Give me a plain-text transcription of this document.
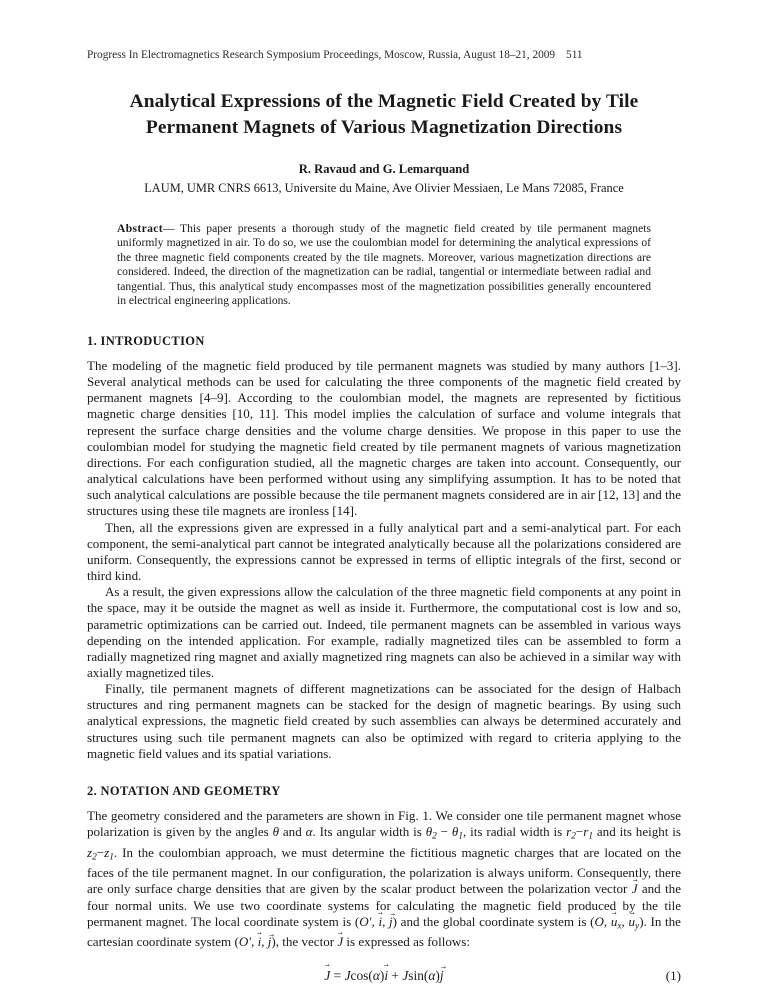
Progress In Electromagnetics Research Symposium Proceedings, Moscow, Russia, August 18–21, 2009 511
Analytical Expressions of the Magnetic Field Created by Tile
Permanent Magnets of Various Magnetization Directions
R. Ravaud and G. Lemarquand
LAUM, UMR CNRS 6613, Universite du Maine, Ave Olivier Messiaen, Le Mans 72085, France
Abstract— This paper presents a thorough study of the magnetic field created by tile permanent magnets uniformly magnetized in air. To do so, we use the coulombian model for determining the analytical expressions of the three magnetic field components created by the tile magnets. Moreover, various magnetization directions are considered. Indeed, the direction of the magnetization can be radial, tangential or intermediate between radial and tangential. Thus, this analytical study encompasses most of the magnetization possibilities generally encountered in electrical engineering applications.
1. INTRODUCTION

The modeling of the magnetic field produced by tile permanent magnets was studied by many authors [1–3]. Several analytical methods can be used for calculating the three components of the magnetic field created by permanent magnets [4–9]. According to the coulombian model, the magnets are represented by fictitious magnetic charge densities [10, 11]. This model implies the calculation of surface and volume integrals that represent the surface charge densities and the volume charge densities. We propose in this paper to use the coulombian model for studying the magnetic field created by tile permanent magnets of various magnetization directions. For each configuration studied, all the magnetic charges are taken into account. Consequently, our analytical calculations have been performed without using any simplifying assumption. It has to be noted that such analytical calculations are possible because the tile permanent magnets considered are in air [12, 13] and the structures using these tile magnets are ironless [14].

Then, all the expressions given are expressed in a fully analytical part and a semi-analytical part. For each component, the semi-analytical part cannot be integrated analytically because all the polarizations considered are uniform. Consequently, the expressions cannot be expressed in terms of elliptic integrals of the first, second or third kind.

As a result, the given expressions allow the calculation of the three magnetic field components at any point in the space, may it be outside the magnet as well as inside it. Furthermore, the computational cost is low and so, parametric optimizations can be carried out. Indeed, tile permanent magnets can be assembled in various ways depending on the intended application. For example, radially magnetized tiles can be assembled to form a radially magnetized ring magnet and axially magnetized ring magnets can also be achieved in a similar way with axially magnetized tiles.

Finally, tile permanent magnets of different magnetizations can be associated for the design of Halbach structures and ring permanent magnets can be stacked for the design of magnetic bearings. By using such analytical expressions, the magnetic field created by such assemblies can always be determined accurately and structures using such tile permanent magnets can also be optimized with regard to criteria applying to the magnetic field values and its spatial variations.

2. NOTATION AND GEOMETRY

The geometry considered and the parameters are shown in Fig. 1. We consider one tile permanent magnet whose polarization is given by the angles θ and α. Its angular width is $\theta_2 - \theta_1$, its radial width is $r_2-r_1$ and its height is $z_2-z_1$. In the coulombian approach, we must determine the fictitious magnetic charges that are located on the faces of the tile permanent magnet. In our configuration, the polarization is always uniform. Consequently, there are only surface charge densities that are given by the scalar product between the polarization vector J → and the four normal units. We use two coordinate systems for calculating the magnetic field produced by the tile permanent magnet. The local coordinate system is (O′, i →, j →) and the global coordinate system is (O, $u \to_x$, $u \to_y$). In the cartesian coordinate system (O′, i →, j →), the vector J → is expressed as follows:

J → = Jcos(α)i → + Jsin(α)j →	(1)
